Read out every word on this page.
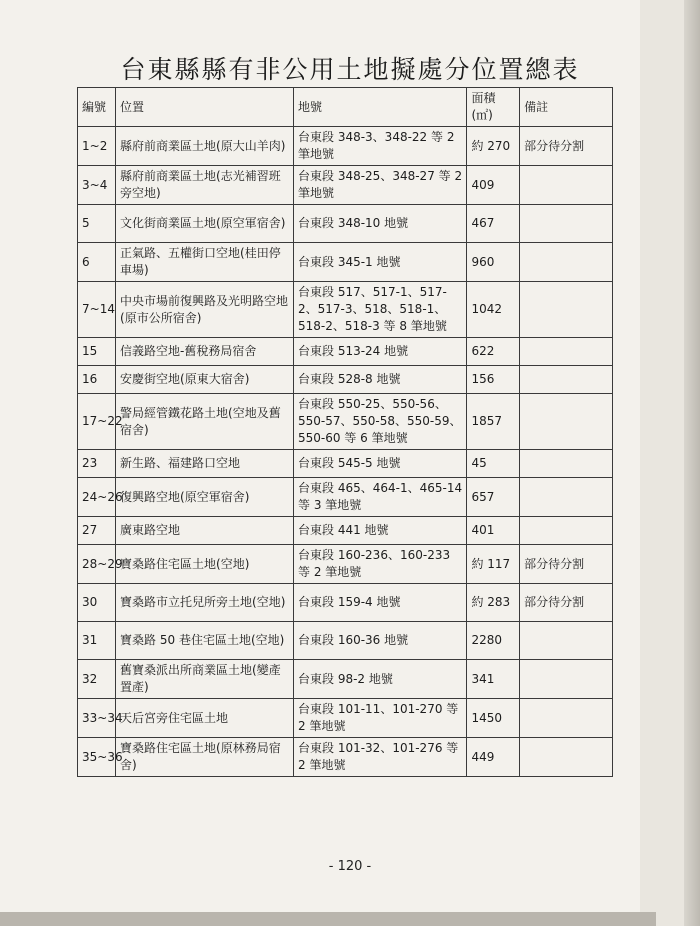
台東縣縣有非公用土地擬處分位置總表
編號	位置	地號	面積(㎡)	備註
1~2	縣府前商業區土地(原大山羊肉)	台東段 348-3、348-22 等 2 筆地號	約 270	部分待分割
3~4	縣府前商業區土地(志光補習班旁空地)	台東段 348-25、348-27 等 2 筆地號	409	
5	文化街商業區土地(原空軍宿舍)	台東段 348-10 地號	467	
6	正氣路、五權街口空地(桂田停車場)	台東段 345-1 地號	960	
7~14	中央市場前復興路及光明路空地(原市公所宿舍)	台東段 517、517-1、517-2、517-3、518、518-1、518-2、518-3 等 8 筆地號	1042	
15	信義路空地-舊稅務局宿舍	台東段 513-24 地號	622	
16	安慶街空地(原東大宿舍)	台東段 528-8 地號	156	
17~22	警局經管鐵花路土地(空地及舊宿舍)	台東段 550-25、550-56、550-57、550-58、550-59、550-60 等 6 筆地號	1857	
23	新生路、福建路口空地	台東段 545-5 地號	45	
24~26	復興路空地(原空軍宿舍)	台東段 465、464-1、465-14 等 3 筆地號	657	
27	廣東路空地	台東段 441 地號	401	
28~29	寶桑路住宅區土地(空地)	台東段 160-236、160-233 等 2 筆地號	約 117	部分待分割
30	寶桑路市立托兒所旁土地(空地)	台東段 159-4 地號	約 283	部分待分割
31	寶桑路 50 巷住宅區土地(空地)	台東段 160-36 地號	2280	
32	舊寶桑派出所商業區土地(變產置產)	台東段 98-2 地號	341	
33~34	天后宮旁住宅區土地	台東段 101-11、101-270 等 2 筆地號	1450	
35~36	寶桑路住宅區土地(原林務局宿舍)	台東段 101-32、101-276 等 2 筆地號	449	
- 120 -
